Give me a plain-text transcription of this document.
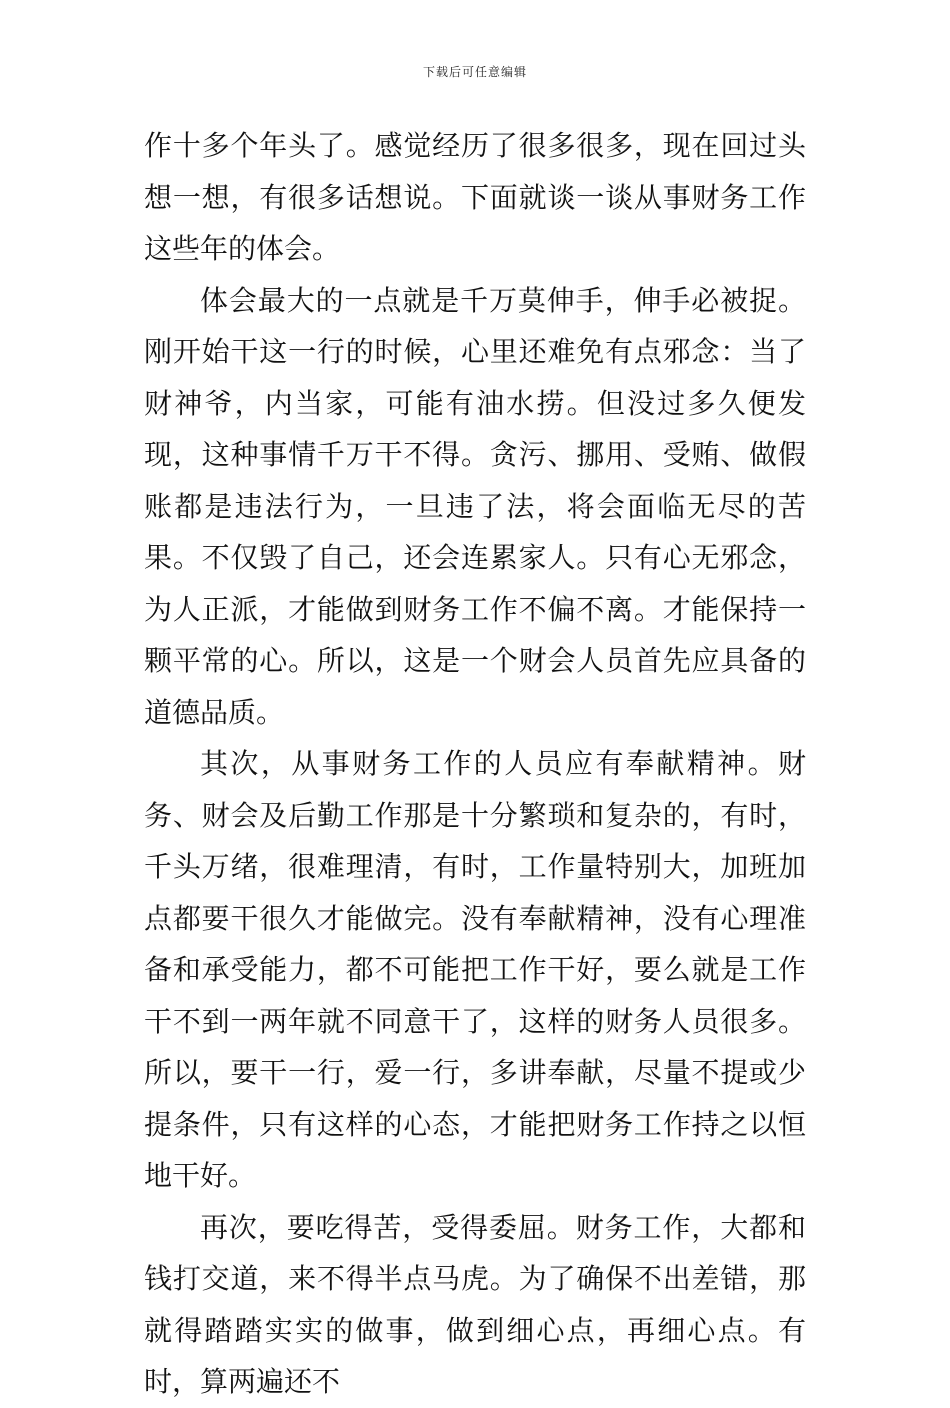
下载后可任意编辑

作十多个年头了。感觉经历了很多很多，现在回过头想一想，有很多话想说。下面就谈一谈从事财务工作这些年的体会。

体会最大的一点就是千万莫伸手，伸手必被捉。刚开始干这一行的时候，心里还难免有点邪念：当了财神爷，内当家，可能有油水捞。但没过多久便发现，这种事情千万干不得。贪污、挪用、受贿、做假账都是违法行为，一旦违了法，将会面临无尽的苦果。不仅毁了自己，还会连累家人。只有心无邪念，为人正派，才能做到财务工作不偏不离。才能保持一颗平常的心。所以，这是一个财会人员首先应具备的道德品质。

其次，从事财务工作的人员应有奉献精神。财务、财会及后勤工作那是十分繁琐和复杂的，有时，千头万绪，很难理清，有时，工作量特别大，加班加点都要干很久才能做完。没有奉献精神，没有心理准备和承受能力，都不可能把工作干好，要么就是工作干不到一两年就不同意干了，这样的财务人员很多。所以，要干一行，爱一行，多讲奉献，尽量不提或少提条件，只有这样的心态，才能把财务工作持之以恒地干好。

再次，要吃得苦，受得委屈。财务工作，大都和钱打交道，来不得半点马虎。为了确保不出差错，那就得踏踏实实的做事，做到细心点，再细心点。有时，算两遍还不
